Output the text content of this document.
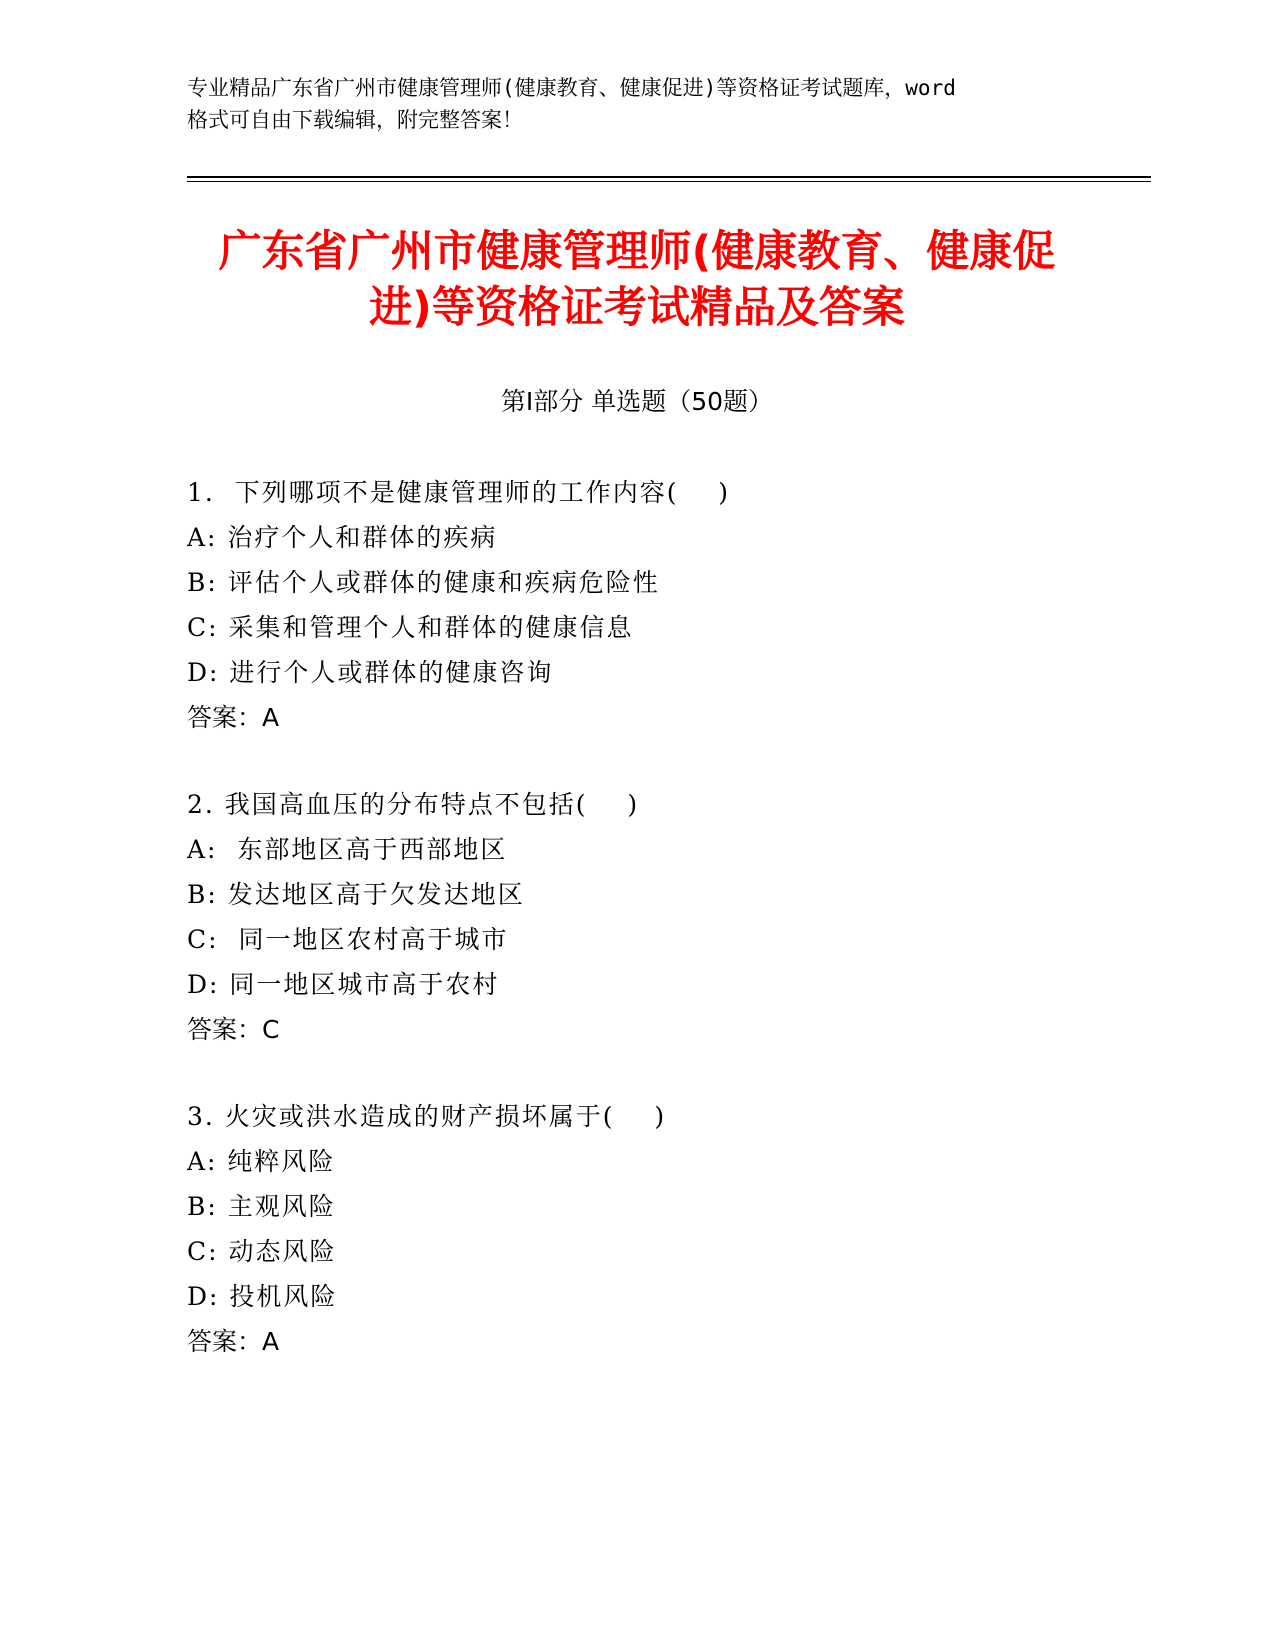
专业精品广东省广州市健康管理师(健康教育、健康促进)等资格证考试题库，word
格式可自由下载编辑，附完整答案！
广东省广州市健康管理师(健康教育、健康促
进)等资格证考试精品及答案
第Ⅰ部分 单选题（50题）
1.  下列哪项不是健康管理师的工作内容(    )
A: 治疗个人和群体的疾病
B: 评估个人或群体的健康和疾病危险性
C: 采集和管理个人和群体的健康信息
D: 进行个人或群体的健康咨询
答案：A
2. 我国高血压的分布特点不包括(    )
A:  东部地区高于西部地区
B: 发达地区高于欠发达地区
C:  同一地区农村高于城市
D: 同一地区城市高于农村
答案：C
3. 火灾或洪水造成的财产损坏属于(    )
A: 纯粹风险
B: 主观风险
C: 动态风险
D: 投机风险
答案：A
